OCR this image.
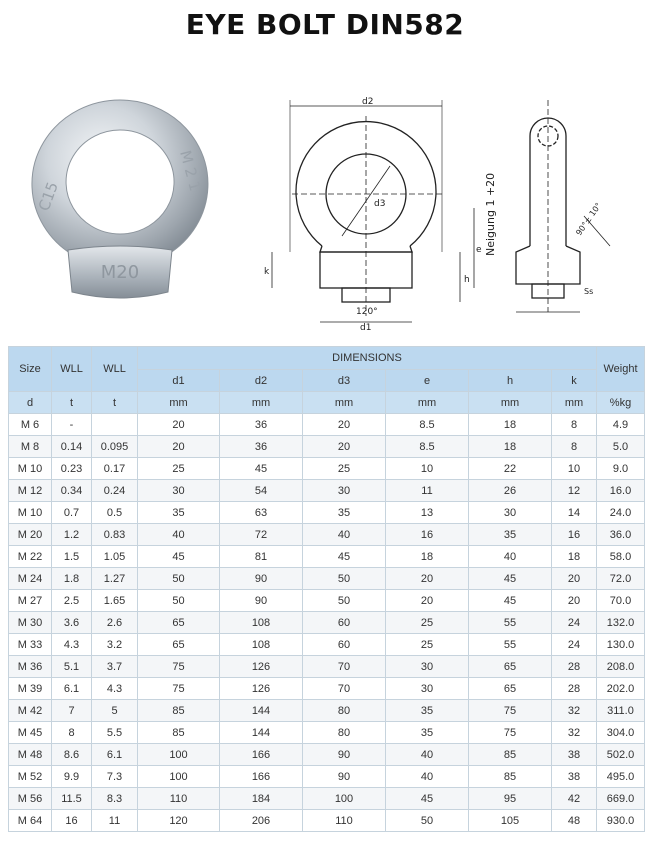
EYE BOLT DIN582
C15
M 2 1
M20
d2
d3
d1
120°
h
e
k
Neigung 1 +20	90°± 10°
Ss
Size	WLL	WLL	DIMENSIONS						Weight
			d1	d2	d3	e	h	k	
d	t	t	mm	mm	mm	mm	mm	mm	%kg
M 6	-		20	36	20	8.5	18	8	4.9
M 8	0.14	0.095	20	36	20	8.5	18	8	5.0
M 10	0.23	0.17	25	45	25	10	22	10	9.0
M 12	0.34	0.24	30	54	30	11	26	12	16.0
M 10	0.7	0.5	35	63	35	13	30	14	24.0
M 20	1.2	0.83	40	72	40	16	35	16	36.0
M 22	1.5	1.05	45	81	45	18	40	18	58.0
M 24	1.8	1.27	50	90	50	20	45	20	72.0
M 27	2.5	1.65	50	90	50	20	45	20	70.0
M 30	3.6	2.6	65	108	60	25	55	24	132.0
M 33	4.3	3.2	65	108	60	25	55	24	130.0
M 36	5.1	3.7	75	126	70	30	65	28	208.0
M 39	6.1	4.3	75	126	70	30	65	28	202.0
M 42	7	5	85	144	80	35	75	32	311.0
M 45	8	5.5	85	144	80	35	75	32	304.0
M 48	8.6	6.1	100	166	90	40	85	38	502.0
M 52	9.9	7.3	100	166	90	40	85	38	495.0
M 56	11.5	8.3	110	184	100	45	95	42	669.0
M 64	16	11	120	206	110	50	105	48	930.0
